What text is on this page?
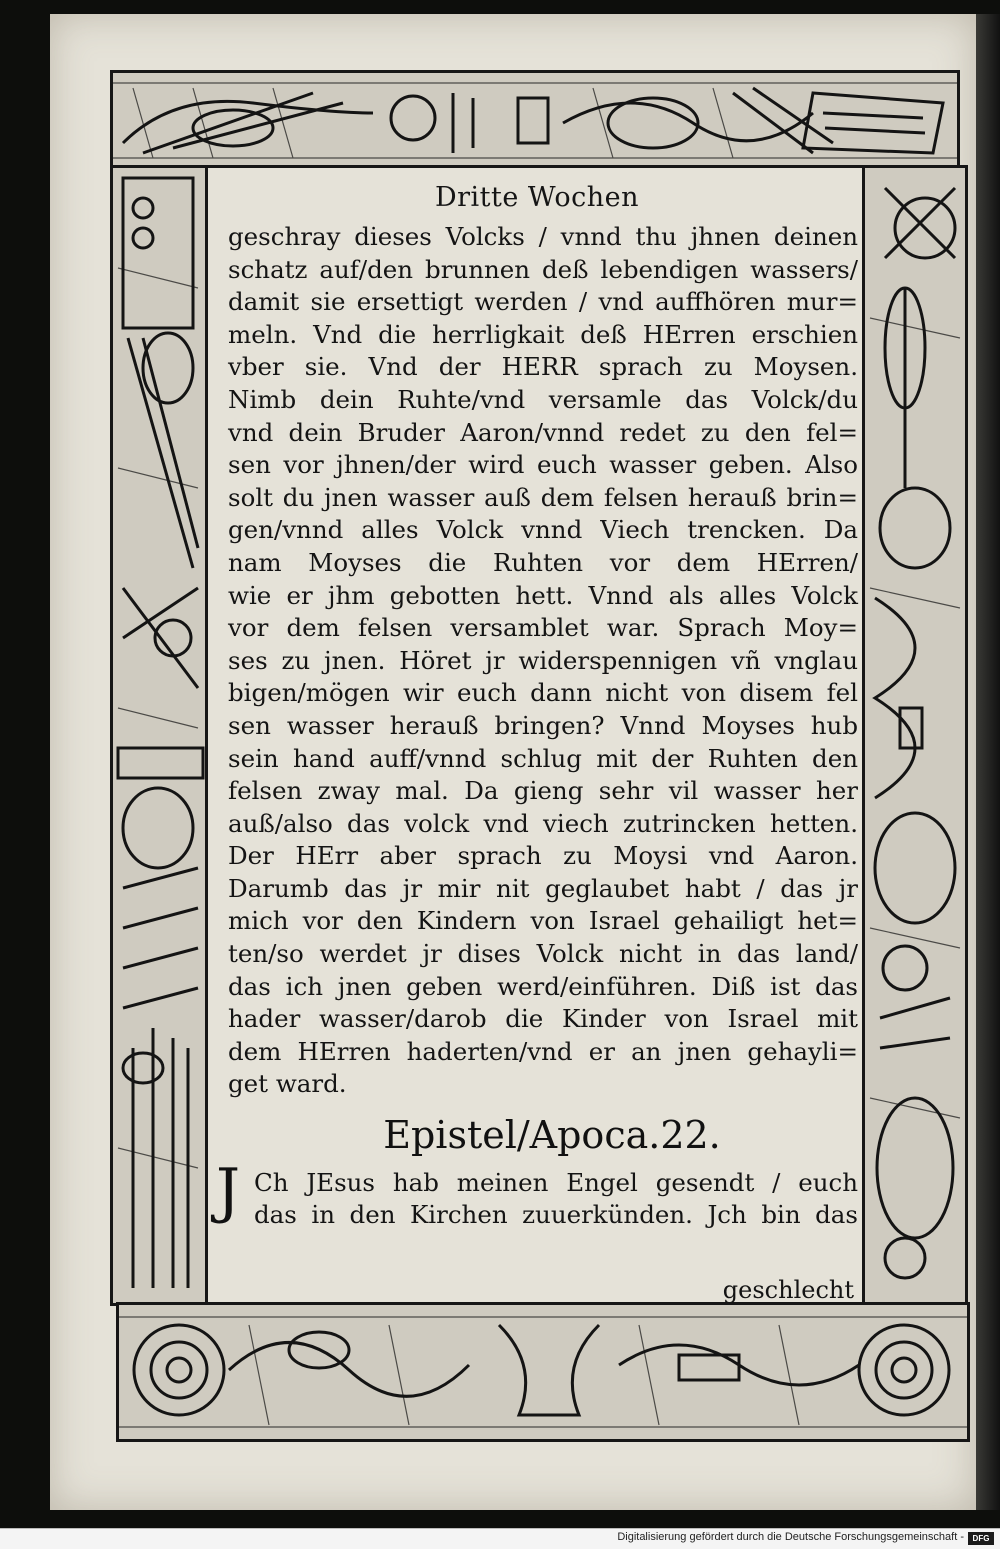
Dritte Wochen
geschray dieses Volcks / vnnd thu jhnen deinen
schatz auf/den brunnen deß lebendigen wassers/
damit sie ersettigt werden / vnd auffhören mur=
meln. Vnd die herrligkait deß HErren erschien
vber sie. Vnd der HERR sprach zu Moysen.
Nimb dein Ruhte/vnd versamle das Volck/du
vnd dein Bruder Aaron/vnnd redet zu den fel=
sen vor jhnen/der wird euch wasser geben. Also
solt du jnen wasser auß dem felsen herauß brin=
gen/vnnd alles Volck vnnd Viech trencken. Da
nam Moyses die Ruhten vor dem HErren/
wie er jhm gebotten hett. Vnnd als alles Volck
vor dem felsen versamblet war. Sprach Moy=
ses zu jnen. Höret jr widerspennigen vñ vnglau
bigen/mögen wir euch dann nicht von disem fel
sen wasser herauß bringen? Vnnd Moyses hub
sein hand auff/vnnd schlug mit der Ruhten den
felsen zway mal. Da gieng sehr vil wasser her
auß/also das volck vnd viech zutrincken hetten.
Der HErr aber sprach zu Moysi vnd Aaron.
Darumb das jr mir nit geglaubet habt / das jr
mich vor den Kindern von Israel gehailigt het=
ten/so werdet jr dises Volck nicht in das land/
das ich jnen geben werd/einführen. Diß ist das
hader wasser/darob die Kinder von Israel mit
dem HErren haderten/vnd er an jnen gehayli=
get ward.
Epistel/Apoca.22.
J Ch JEsus hab meinen Engel gesendt / euch
das in den Kirchen zuuerkünden. Jch bin das
geschlecht
Digitalisierung gefördert durch die Deutsche Forschungsgemeinschaft -	DFG
